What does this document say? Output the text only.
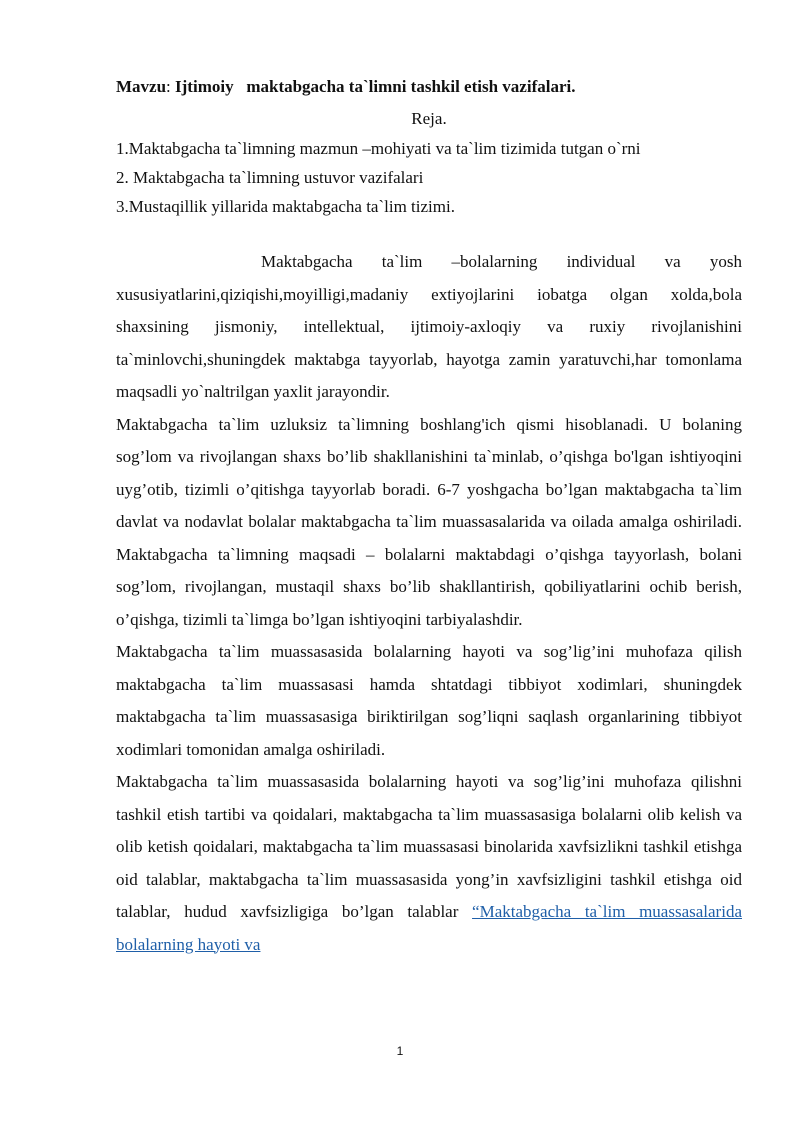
Mavzu: Ijtimoiy   maktabgacha ta`limni tashkil etish vazifalari.

Reja.

1.Maktabgacha ta`limning mazmun –mohiyati va ta`lim tizimida tutgan o`rni

2. Maktabgacha ta`limning ustuvor vazifalari

3.Mustaqillik yillarida maktabgacha ta`lim tizimi.

Maktabgacha ta`lim –bolalarning individual va yosh xususiyatlarini,qiziqishi,moyilligi,madaniy extiyojlarini iobatga olgan xolda,bola shaxsining jismoniy, intellektual, ijtimoiy-axloqiy va ruxiy rivojlanishini ta`minlovchi,shuningdek maktabga tayyorlab, hayotga zamin yaratuvchi,har tomonlama maqsadli yo`naltrilgan yaxlit jarayondir.

Maktabgacha ta`lim uzluksiz ta`limning boshlang'ich qismi hisoblanadi. U bolaning sog’lom va rivojlangan shaxs bo’lib shakllanishini ta`minlab, o’qishga bo'lgan ishtiyoqini uyg’otib, tizimli o’qitishga tayyorlab boradi. 6-7 yoshgacha bo’lgan maktabgacha ta`lim davlat va nodavlat bolalar maktabgacha ta`lim muassasalarida va oilada amalga oshiriladi. Maktabgacha ta`limning maqsadi – bolalarni maktabdagi o’qishga tayyorlash, bolani sog’lom, rivojlangan, mustaqil shaxs bo’lib shakllantirish, qobiliyatlarini ochib berish, o’qishga, tizimli ta`limga bo’lgan ishtiyoqini tarbiyalashdir.

Maktabgacha ta`lim muassasasida bolalarning hayoti va sog’lig’ini muhofaza qilish maktabgacha ta`lim muassasasi hamda shtatdagi tibbiyot xodimlari, shuningdek maktabgacha ta`lim muassasasiga biriktirilgan sog’liqni saqlash organlarining tibbiyot xodimlari tomonidan amalga oshiriladi.

Maktabgacha ta`lim muassasasida bolalarning hayoti va sog’lig’ini muhofaza qilishni tashkil etish tartibi va qoidalari, maktabgacha ta`lim muassasasiga bolalarni olib kelish va olib ketish qoidalari, maktabgacha ta`lim muassasasi binolarida xavfsizlikni tashkil etishga oid talablar, maktabgacha ta`lim muassasasida yong’in xavfsizligini tashkil etishga oid talablar, hudud xavfsizligiga bo’lgan talablar “Maktabgacha ta`lim muassasalarida bolalarning hayoti va

1
